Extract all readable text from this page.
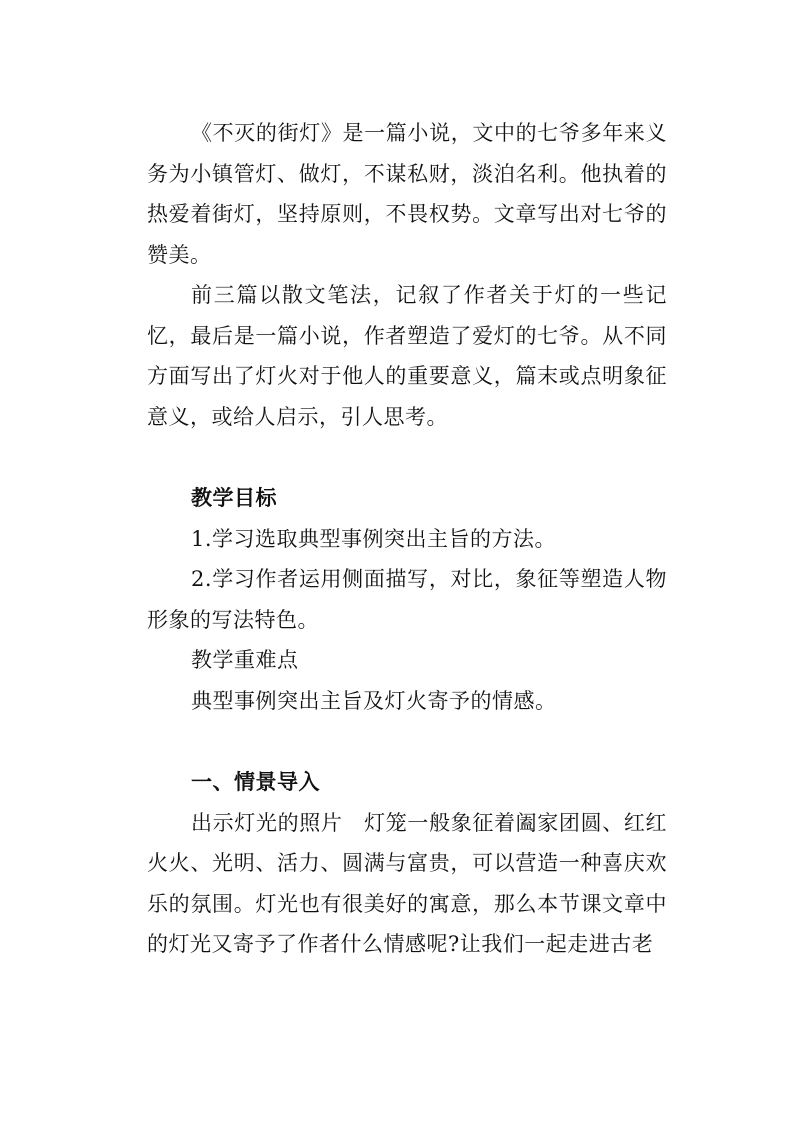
《不灭的街灯》是一篇小说，文中的七爷多年来义务为小镇管灯、做灯，不谋私财，淡泊名利。他执着的热爱着街灯，坚持原则，不畏权势。文章写出对七爷的赞美。

前三篇以散文笔法，记叙了作者关于灯的一些记忆，最后是一篇小说，作者塑造了爱灯的七爷。从不同方面写出了灯火对于他人的重要意义，篇末或点明象征意义，或给人启示，引人思考。

教学目标

1.学习选取典型事例突出主旨的方法。

2.学习作者运用侧面描写，对比，象征等塑造人物形象的写法特色。

教学重难点

典型事例突出主旨及灯火寄予的情感。

一、情景导入

出示灯光的照片　灯笼一般象征着阖家团圆、红红火火、光明、活力、圆满与富贵，可以营造一种喜庆欢乐的氛围。灯光也有很美好的寓意，那么本节课文章中的灯光又寄予了作者什么情感呢?让我们一起走进古老
